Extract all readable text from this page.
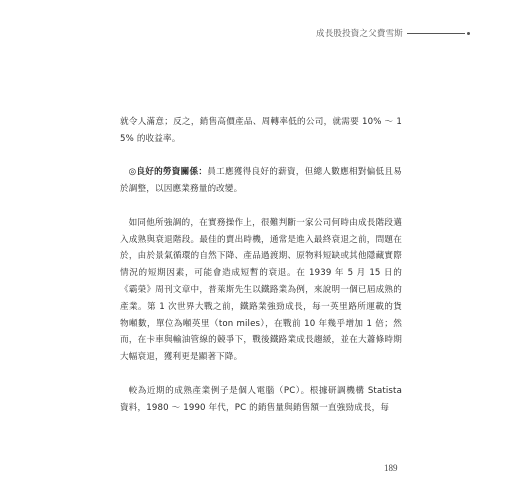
成長股投資之父費雪斯

就令人滿意；反之，銷售高價產品、周轉率低的公司，就需要 10% ～ 15% 的收益率。

◎良好的勞資關係：員工應獲得良好的薪資，但總人數應相對偏低且易於調整，以因應業務量的改變。

如同他所強調的，在實務操作上，很難判斷一家公司何時由成長階段邁入成熟與衰退階段。最佳的賣出時機，通常是進入最終衰退之前，問題在於，由於景氣循環的自然下降、產品過渡期、原物料短缺或其他隱藏實際情況的短期因素，可能會造成短暫的衰退。在 1939 年 5 月 15 日的《霸榮》周刊文章中，普萊斯先生以鐵路業為例，來說明一個已屆成熟的產業。第 1 次世界大戰之前，鐵路業強勁成長，每一英里路所運載的貨物噸數，單位為噸英里（ton miles），在戰前 10 年幾乎增加 1 倍；然而，在卡車與輸油管線的競爭下，戰後鐵路業成長趨緩，並在大蕭條時期大幅衰退，獲利更是顯著下降。

較為近期的成熟產業例子是個人電腦（PC）。根據研調機構 Statista 資料，1980 ～ 1990 年代，PC 的銷售量與銷售額一直強勁成長，每

189
